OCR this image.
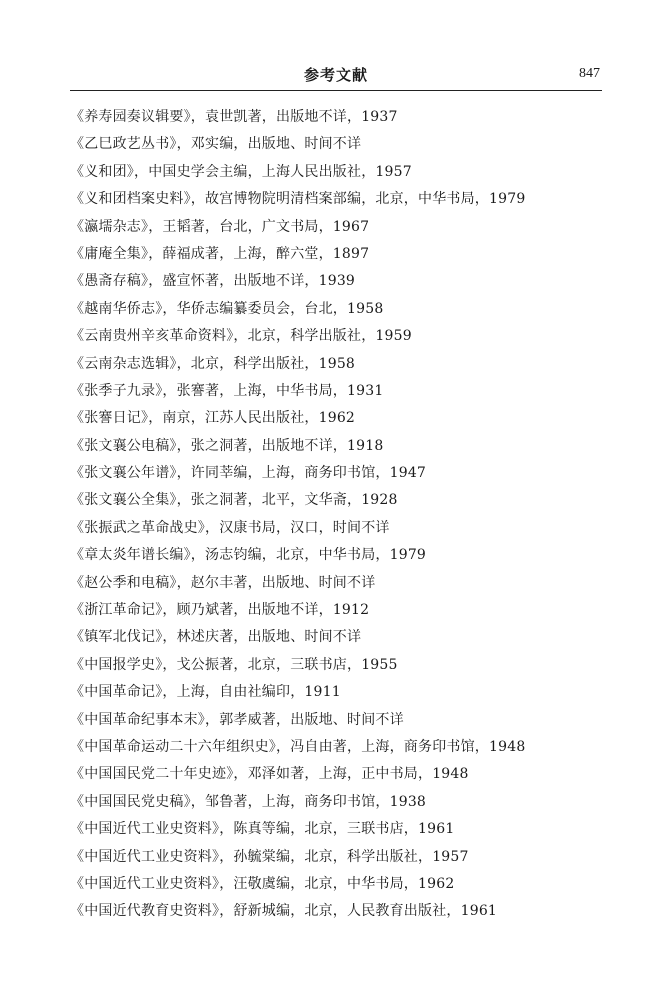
参考文献	847
《养寿园奏议辑要》，袁世凯著，出版地不详，1937
《乙巳政艺丛书》，邓实编，出版地、时间不详
《义和团》，中国史学会主编，上海人民出版社，1957
《义和团档案史料》，故宫博物院明清档案部编，北京，中华书局，1979
《瀛壖杂志》，王韬著，台北，广文书局，1967
《庸庵全集》，薛福成著，上海，醉六堂，1897
《愚斋存稿》，盛宣怀著，出版地不详，1939
《越南华侨志》，华侨志编纂委员会，台北，1958
《云南贵州辛亥革命资料》，北京，科学出版社，1959
《云南杂志选辑》，北京，科学出版社，1958
《张季子九录》，张謇著，上海，中华书局，1931
《张謇日记》，南京，江苏人民出版社，1962
《张文襄公电稿》，张之洞著，出版地不详，1918
《张文襄公年谱》，许同莘编，上海，商务印书馆，1947
《张文襄公全集》，张之洞著，北平，文华斋，1928
《张振武之革命战史》，汉康书局，汉口，时间不详
《章太炎年谱长编》，汤志钧编，北京，中华书局，1979
《赵公季和电稿》，赵尔丰著，出版地、时间不详
《浙江革命记》，顾乃斌著，出版地不详，1912
《镇军北伐记》，林述庆著，出版地、时间不详
《中国报学史》，戈公振著，北京，三联书店，1955
《中国革命记》，上海，自由社编印，1911
《中国革命纪事本末》，郭孝威著，出版地、时间不详
《中国革命运动二十六年组织史》，冯自由著，上海，商务印书馆，1948
《中国国民党二十年史迹》，邓泽如著，上海，正中书局，1948
《中国国民党史稿》，邹鲁著，上海，商务印书馆，1938
《中国近代工业史资料》，陈真等编，北京，三联书店，1961
《中国近代工业史资料》，孙毓棠编，北京，科学出版社，1957
《中国近代工业史资料》，汪敬虞编，北京，中华书局，1962
《中国近代教育史资料》，舒新城编，北京，人民教育出版社，1961
